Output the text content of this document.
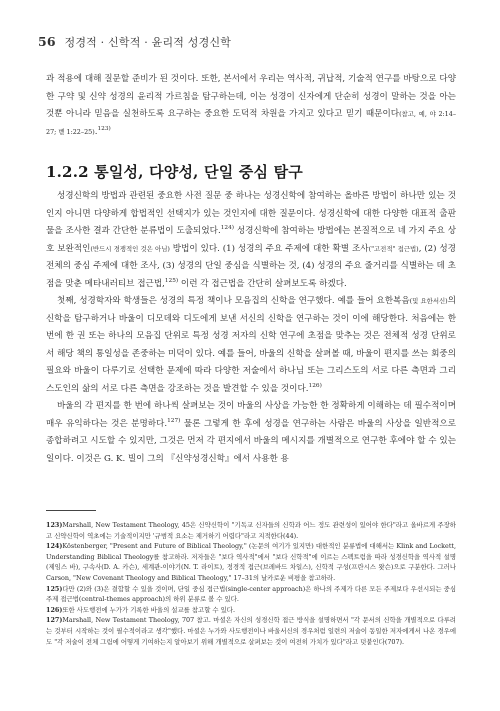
56 정경적 · 신학적 · 윤리적 성경신학

과 적용에 대해 질문할 준비가 된 것이다. 또한, 본서에서 우리는 역사적, 귀납적, 기술적 연구를 바탕으로 다양한 구약 및 신약 성경의 윤리적 가르침을 탐구하는데, 이는 성경이 신자에게 단순히 성경이 말하는 것을 아는 것뿐 아니라 믿음을 실천하도록 요구하는 중요한 도덕적 차원을 가지고 있다고 믿기 때문이다(참고, 예, 야 2:14–27; 벧 1:22–25).$^{123)}$

1.2.2 통일성, 다양성, 단일 중심 탐구

성경신학의 방법과 관련된 중요한 사전 질문 중 하나는 성경신학에 참여하는 올바른 방법이 하나만 있는 것인지 아니면 다양하게 합법적인 선택지가 있는 것인지에 대한 질문이다. 성경신학에 대한 다양한 대표적 출판물을 조사한 결과 간단한 분류법이 도출되었다.$^{124)}$ 성경신학에 참여하는 방법에는 본질적으로 네 가지 주요 상호 보완적인(반드시 경쟁적인 것은 아님) 방법이 있다. (1) 성경의 주요 주제에 대한 확별 조사("고전적" 접근법), (2) 성경 전체의 중심 주제에 대한 조사, (3) 성경의 단일 중심을 식별하는 것, (4) 성경의 주요 줄거리를 식별하는 데 초점을 맞춘 메타내러티브 접근법,$^{125)}$ 이런 각 접근법을 간단히 살펴보도록 하겠다.

첫째, 성경학자와 학생들은 성경의 특정 책이나 모음집의 신학을 연구했다. 예를 들어 요한복음(및 요한서신)의 신학을 탐구하거나 바울이 디모데와 디도에게 보낸 서신의 신학을 연구하는 것이 이에 해당한다. 처음에는 한 번에 한 권 또는 하나의 모음집 단위로 특정 성경 저자의 신학 연구에 초점을 맞추는 것은 전체적 성경 단위로서 해당 책의 통일성을 존중하는 미덕이 있다. 예를 들어, 바울의 신학을 살펴볼 때, 바울이 편지를 쓰는 회중의 필요와 바울이 다루기로 선택한 문제에 따라 다양한 저술에서 하나님 또는 그리스도의 서로 다른 측면과 그리스도인의 삶의 서로 다른 측면을 강조하는 것을 발견할 수 있을 것이다.$^{126)}$

바울의 각 편지를 한 번에 하나씩 살펴보는 것이 바울의 사상을 가능한 한 정확하게 이해하는 데 필수적이며 매우 유익하다는 것은 분명하다.$^{127)}$ 물론 그렇게 한 후에 성경을 연구하는 사람은 바울의 사상을 일반적으로 종합하려고 시도할 수 있지만, 그것은 먼저 각 편지에서 바울의 메시지를 개별적으로 연구한 후에야 할 수 있는 일이다. 이것은 G. K. 빌이 그의 『신약성경신학』에서 사용한 용

123)Marshall, New Testament Theology, 45은 신약신학이 "기독교 신자들의 신학과 어느 정도 관련성이 있어야 한다"라고 올바르게 주장하고 신약신학이 역초에는 기술적이지만 '규범적 요소는 제거하기 어렵다"라고 지적한다(44).

124)Köstenberger, "Present and Future of Biblical Theology," (논문의 여기가 있지만) 대한적인 분류법에 대해서는 Klink and Lockett, Understanding Biblical Theology를 참고하라. 저자들은 "보다 역사적"에서 "보다 신학적"에 이르는 스펙트럼을 따라 성경신학을 역사적 설명(제임스 바), 구속사(D. A. 카슨), 세계관-이야기(N. T. 라이트), 정경적 접근(브레바드 차일스), 신학적 구성(프란시스 왓슨)으로 구분한다. 그러나 Carson, "New Covenant Theology and Biblical Theology," 17–31의 날카로운 비평을 참고하라.

125)다만 (2)와 (3)은 결합할 수 있을 것이며, 단일 중심 접근법(single-center approach)은 하나의 주제가 다른 모든 주제보다 우선시되는 중심 주제 접근법(central-themes approach)의 하위 분류로 볼 수 있다.

126)또한 사도행전에 누가가 기록한 바울의 설교를 참고할 수 있다.

127)Marshall, New Testament Theology, 707 참고. 마셜은 자신의 성경신학 접근 방식을 설명하면서 "각 문서의 신학을 개별적으로 다루려는 것부터 시작하는 것이 필수적이라고 생각"했다. 마셜은 누가와 사도행전이나 바울서신의 경우처럼 일련의 저술이 동일한 저자에게서 나온 경우에도 "각 저술이 전체 그림에 어떻게 기여하는지 알아보기 위해 개별적으로 살펴보는 것이 여전히 가치가 있다"라고 덧붙인다(707).
